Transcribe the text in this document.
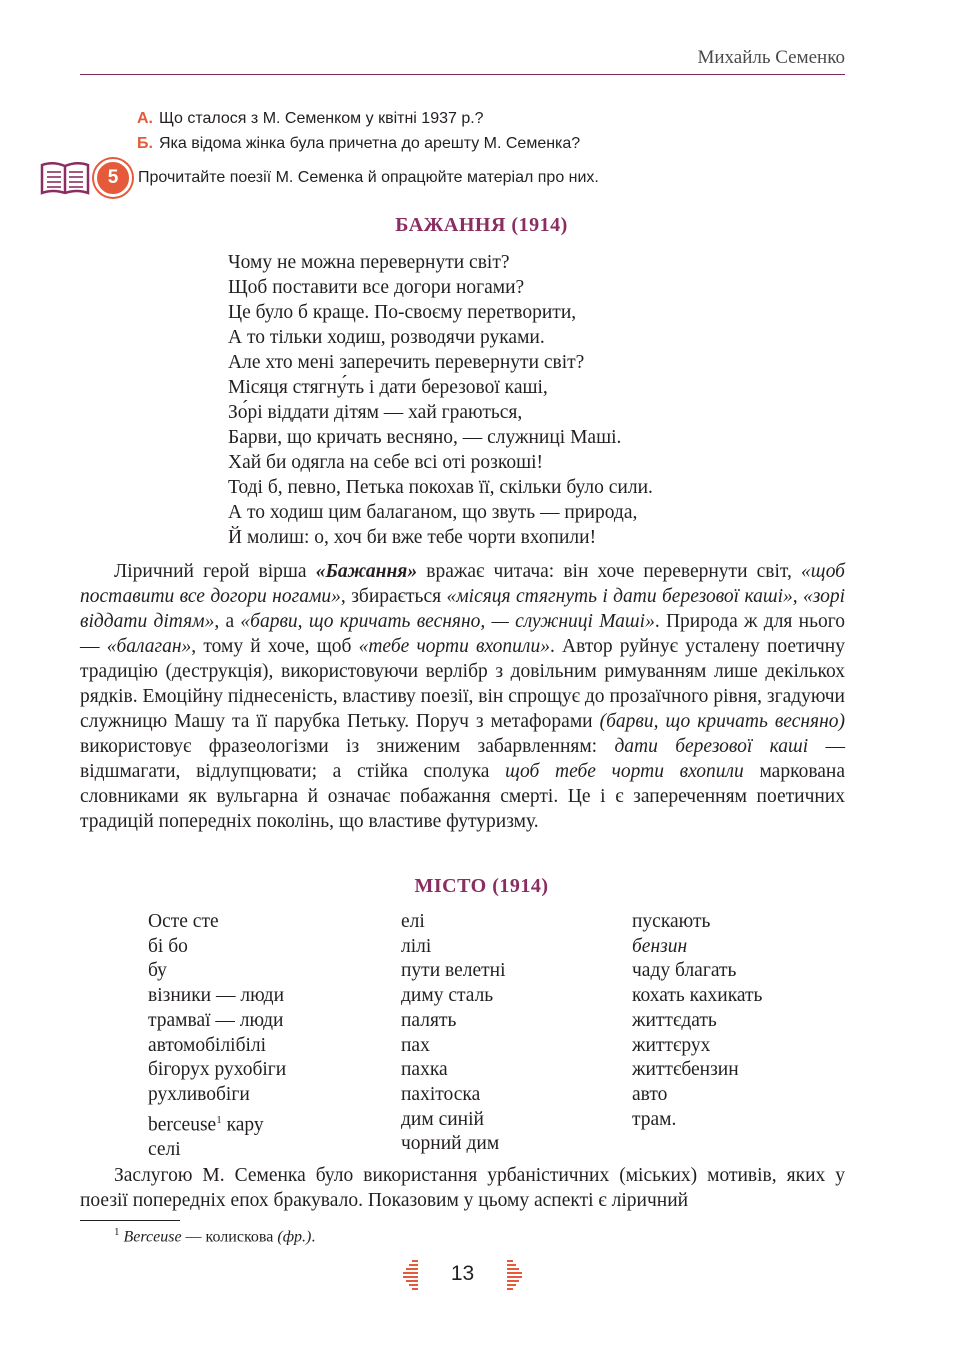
Михайль Семенко
А. Що сталося з М. Семенком у квітні 1937 р.?
Б. Яка відома жінка була причетна до арешту М. Семенка?
5	Прочитайте поезії М. Семенка й опрацюйте матеріал про них.
БАЖАННЯ (1914)
Чому не можна перевернути світ?
Щоб поставити все догори ногами?
Це було б краще. По-своєму перетворити,
А то тільки ходиш, розводячи руками.
Але хто мені заперечить перевернути світ?
Місяця стягну́ть і дати березової каші,
Зо́рі віддати дітям — хай граються,
Барви, що кричать весняно, — служниці Маші.
Хай би одягла на себе всі оті розкоші!
Тоді б, певно, Петька покохав її, скільки було сили.
А то ходиш цим балаганом, що звуть — природа,
Й молиш: о, хоч би вже тебе чорти вхопили!

Ліричний герой вірша «Бажання» вражає читача: він хоче перевернути світ, «щоб поставити все догори ногами», збирається «місяця стягнуть і дати березової каші», «зорі віддати дітям», а «барви, що кричать весняно, — служниці Маші». Природа ж для нього — «балаган», тому й хоче, щоб «тебе чорти вхопили». Автор руйнує усталену поетичну традицію (деструкція), використовуючи верлібр з довільним римуванням лише декількох рядків. Емоційну піднесеність, властиву поезії, він спрощує до прозаїчного рівня, згадуючи служницю Машу та її парубка Петьку. Поруч з метафорами (барви, що кричать весняно) використовує фразеологізми із зниженим забарвленням: дати березової каші — відшмагати, відлупцювати; а стійка сполука щоб тебе чорти вхопили маркована словниками як вульгарна й означає побажання смерті. Це і є запереченням поетичних традицій попередніх поколінь, що властиве футуризму.

МІСТО (1914)
Осте сте
бі бо
бу
візники — люди
трамваї — люди
автомобілібілі
бігорух рухобіги
рухливобіги
berceuse$^1$ кару
селі
елі
лілі
пути велетні
диму сталь
палять
пах
пахка
пахітоска
дим синій
чорний дим
пускають
бензин
чаду благать
кохать кахикать
життєдать
життєрух
життєбензин
авто
трам.

Заслугою М. Семенка було використання урбаністичних (міських) мотивів, яких у поезії попередніх епох бракувало. Показовим у цьому аспекті є ліричний

$^1$ Berceuse — колискова (фр.).
13
